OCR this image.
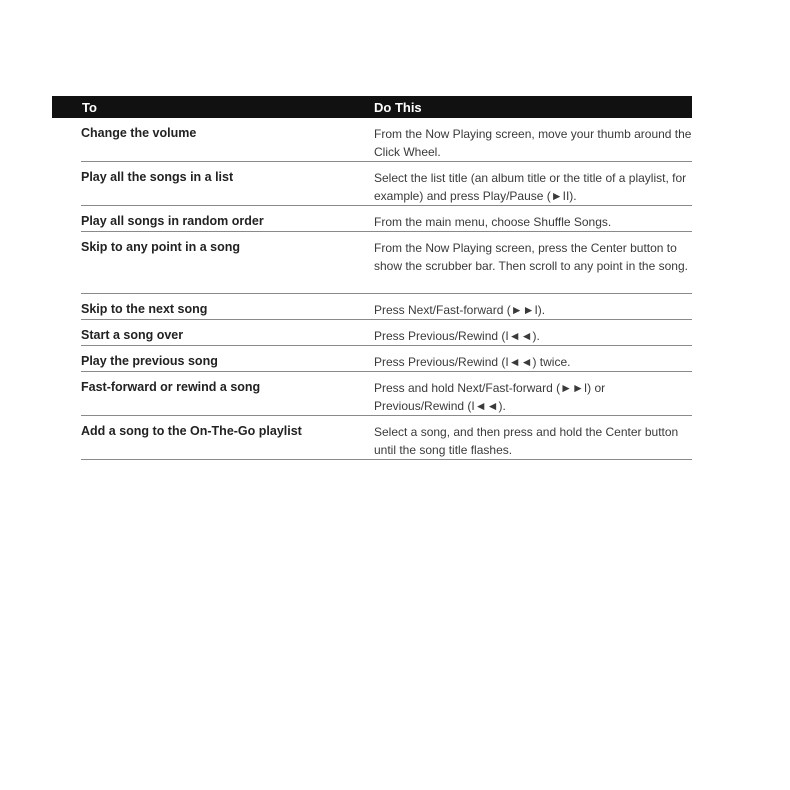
To	Do This
Change the volume	From the Now Playing screen, move your thumb around the Click Wheel.
Play all the songs in a list	Select the list title (an album title or the title of a playlist, for example) and press Play/Pause (►II).
Play all songs in random order	From the main menu, choose Shuffle Songs.
Skip to any point in a song	From the Now Playing screen, press the Center button to show the scrubber bar. Then scroll to any point in the song.
Skip to the next song	Press Next/Fast-forward (►►I).
Start a song over	Press Previous/Rewind (I◄◄).
Play the previous song	Press Previous/Rewind (I◄◄) twice.
Fast-forward or rewind a song	Press and hold Next/Fast-forward (►►I) or Previous/Rewind (I◄◄).
Add a song to the On-The-Go playlist	Select a song, and then press and hold the Center button until the song title flashes.
